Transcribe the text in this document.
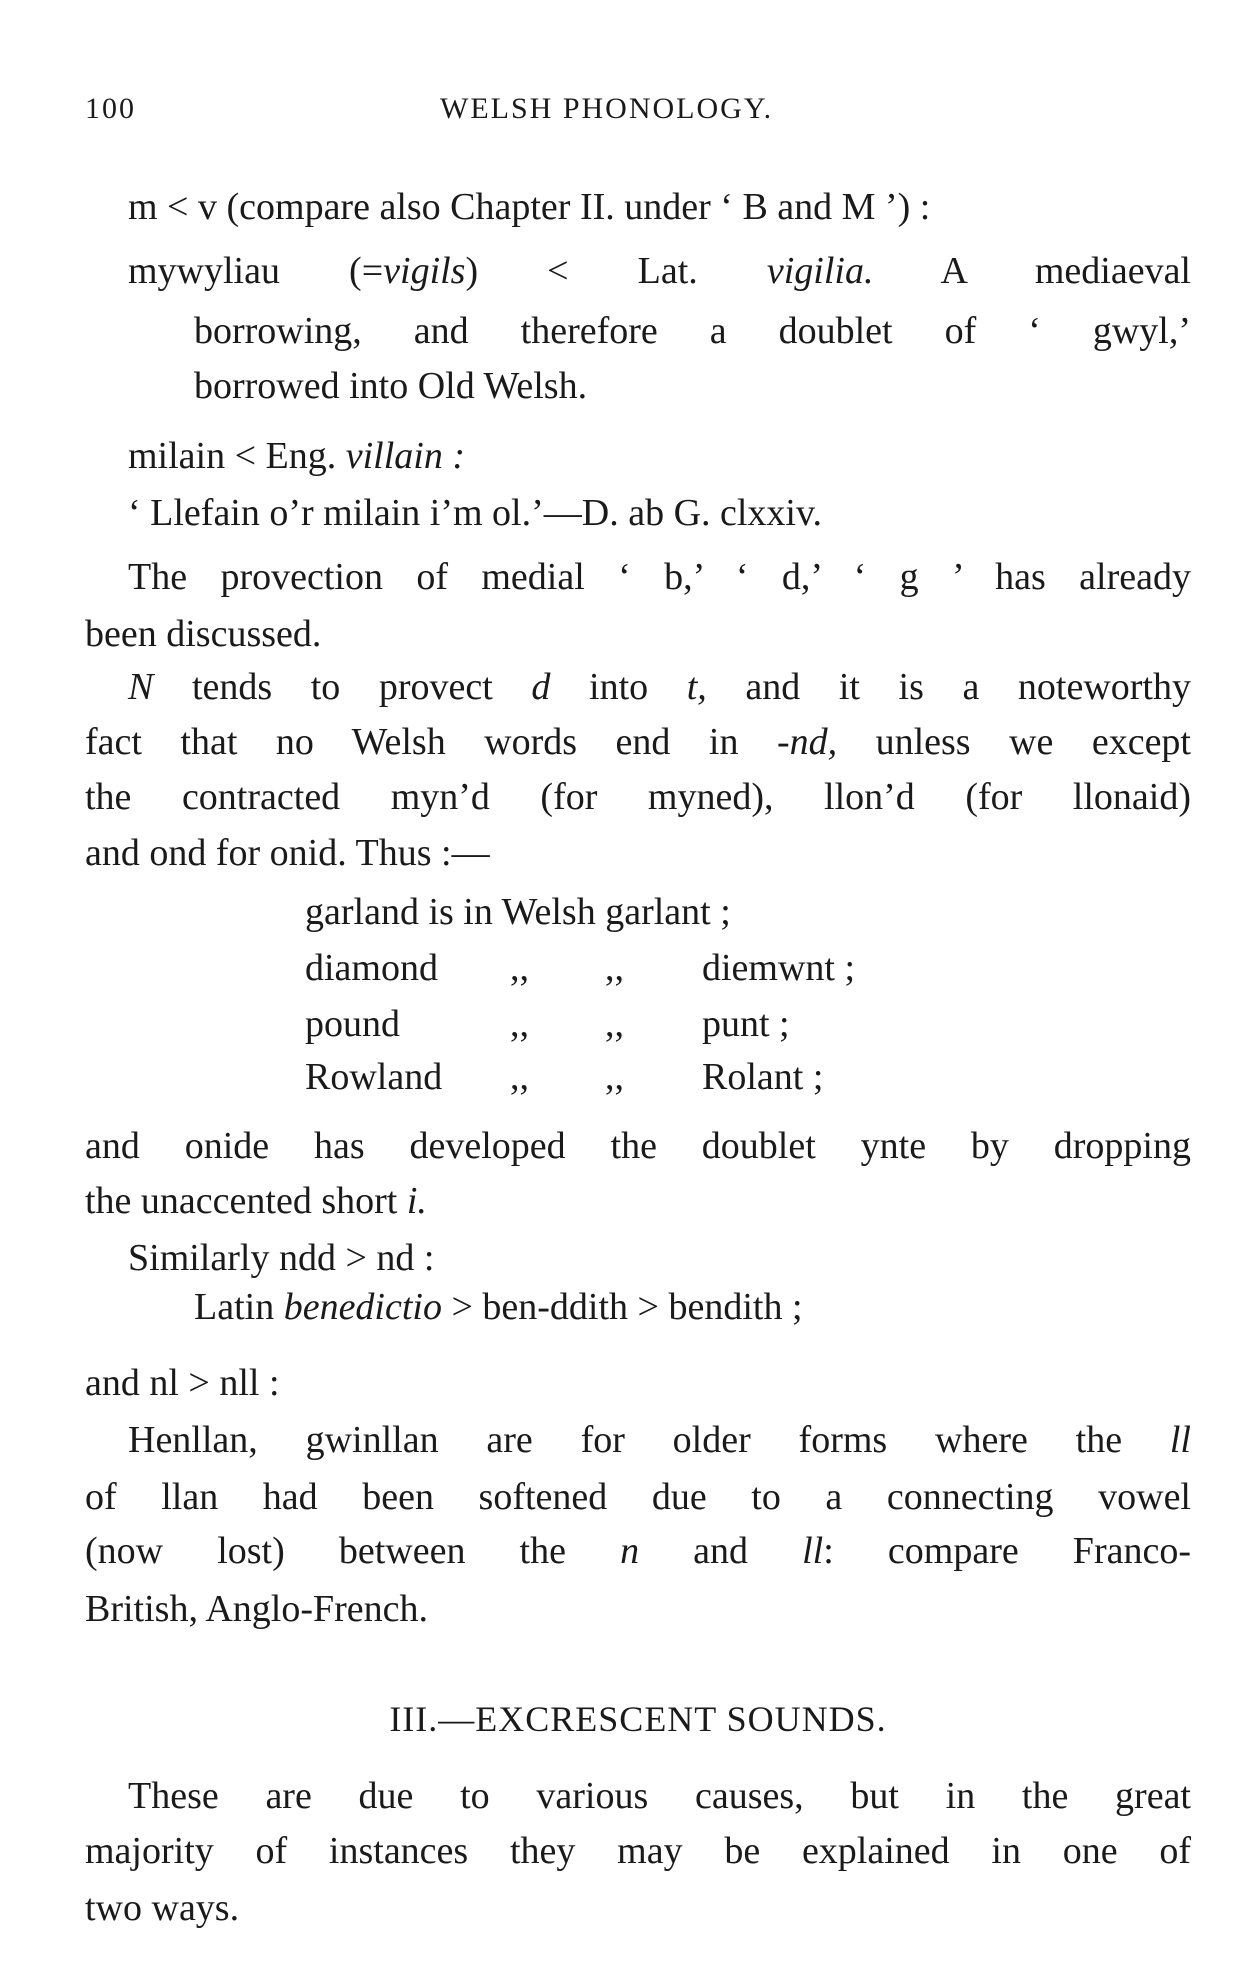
100	WELSH PHONOLOGY.
m < v (compare also Chapter II. under ‘ B and M ’) :
mywyliau (=vigils) < Lat. vigilia. A mediaeval
borrowing, and therefore a doublet of ‘ gwyl,’
borrowed into Old Welsh.
milain < Eng. villain :
‘ Llefain o’r milain i’m ol.’—D. ab G. clxxiv.
The provection of medial ‘ b,’ ‘ d,’ ‘ g ’ has already
been discussed.
N tends to provect d into t, and it is a noteworthy
fact that no Welsh words end in -nd, unless we except
the contracted myn’d (for myned), llon’d (for llonaid)
and ond for onid. Thus :—
garland is in Welsh garlant ;
diamond ,, ,, diemwnt ;
pound	,, ,, punt ;
Rowland ,, ,, Rolant ;
and onide has developed the doublet ynte by dropping
the unaccented short i.
Similarly ndd > nd :
Latin benedictio > ben-ddith > bendith ;
and nl > nll :
Henllan, gwinllan are for older forms where the ll
of llan had been softened due to a connecting vowel
(now lost) between the n and ll: compare Franco-
British, Anglo-French.
III.—EXCRESCENT SOUNDS.
These are due to various causes, but in the great
majority of instances they may be explained in one of
two ways.
